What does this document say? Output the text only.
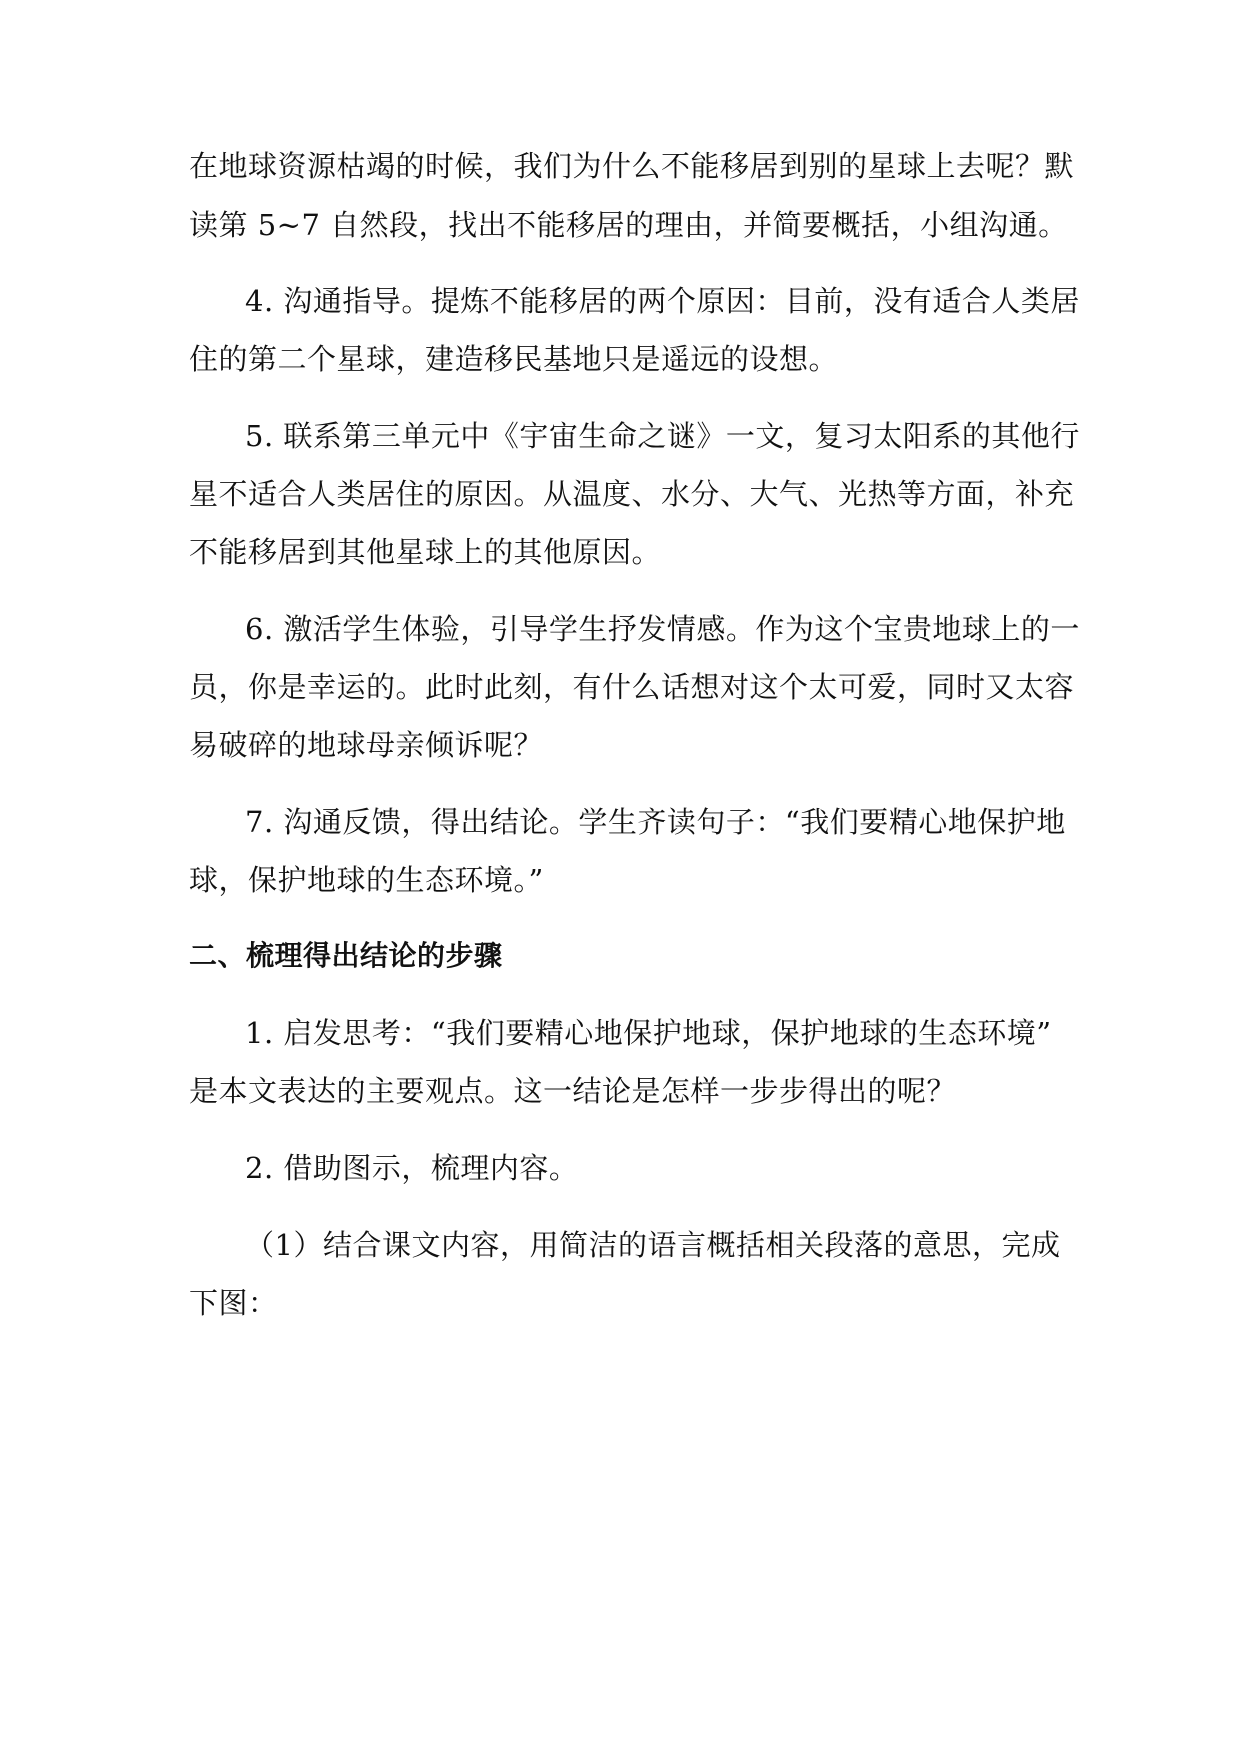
在地球资源枯竭的时候，我们为什么不能移居到别的星球上去呢？默
读第 5~7 自然段，找出不能移居的理由，并简要概括，小组沟通。
4. 沟通指导。提炼不能移居的两个原因：目前，没有适合人类居
住的第二个星球，建造移民基地只是遥远的设想。
5. 联系第三单元中《宇宙生命之谜》一文，复习太阳系的其他行
星不适合人类居住的原因。从温度、水分、大气、光热等方面，补充
不能移居到其他星球上的其他原因。
6. 激活学生体验，引导学生抒发情感。作为这个宝贵地球上的一
员，你是幸运的。此时此刻，有什么话想对这个太可爱，同时又太容
易破碎的地球母亲倾诉呢？
7. 沟通反馈，得出结论。学生齐读句子：“我们要精心地保护地
球，保护地球的生态环境。”
二、梳理得出结论的步骤
1. 启发思考：“我们要精心地保护地球，保护地球的生态环境”
是本文表达的主要观点。这一结论是怎样一步步得出的呢？
2. 借助图示，梳理内容。
（1）结合课文内容，用简洁的语言概括相关段落的意思，完成
下图：
